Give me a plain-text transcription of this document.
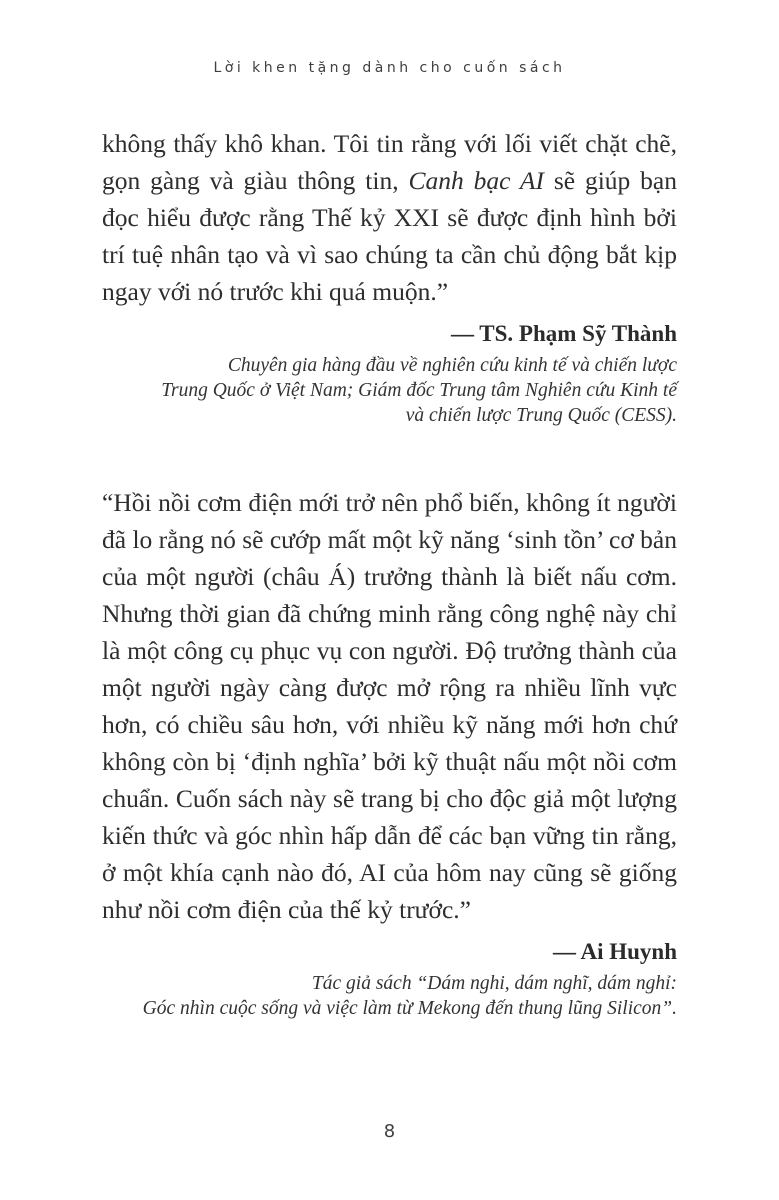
Lời khen tặng dành cho cuốn sách

không thấy khô khan. Tôi tin rằng với lối viết chặt chẽ, gọn gàng và giàu thông tin, Canh bạc AI sẽ giúp bạn đọc hiểu được rằng Thế kỷ XXI sẽ được định hình bởi trí tuệ nhân tạo và vì sao chúng ta cần chủ động bắt kịp ngay với nó trước khi quá muộn.”

— TS. Phạm Sỹ Thành
Chuyên gia hàng đầu về nghiên cứu kinh tế và chiến lược
Trung Quốc ở Việt Nam; Giám đốc Trung tâm Nghiên cứu Kinh tế
và chiến lược Trung Quốc (CESS).

“Hồi nồi cơm điện mới trở nên phổ biến, không ít người đã lo rằng nó sẽ cướp mất một kỹ năng ‘sinh tồn’ cơ bản của một người (châu Á) trưởng thành là biết nấu cơm. Nhưng thời gian đã chứng minh rằng công nghệ này chỉ là một công cụ phục vụ con người. Độ trưởng thành của một người ngày càng được mở rộng ra nhiều lĩnh vực hơn, có chiều sâu hơn, với nhiều kỹ năng mới hơn chứ không còn bị ‘định nghĩa’ bởi kỹ thuật nấu một nồi cơm chuẩn. Cuốn sách này sẽ trang bị cho độc giả một lượng kiến thức và góc nhìn hấp dẫn để các bạn vững tin rằng, ở một khía cạnh nào đó, AI của hôm nay cũng sẽ giống như nồi cơm điện của thế kỷ trước.”

— Ai Huynh
Tác giả sách “Dám nghi, dám nghĩ, dám nghỉ:
Góc nhìn cuộc sống và việc làm từ Mekong đến thung lũng Silicon”.
8
